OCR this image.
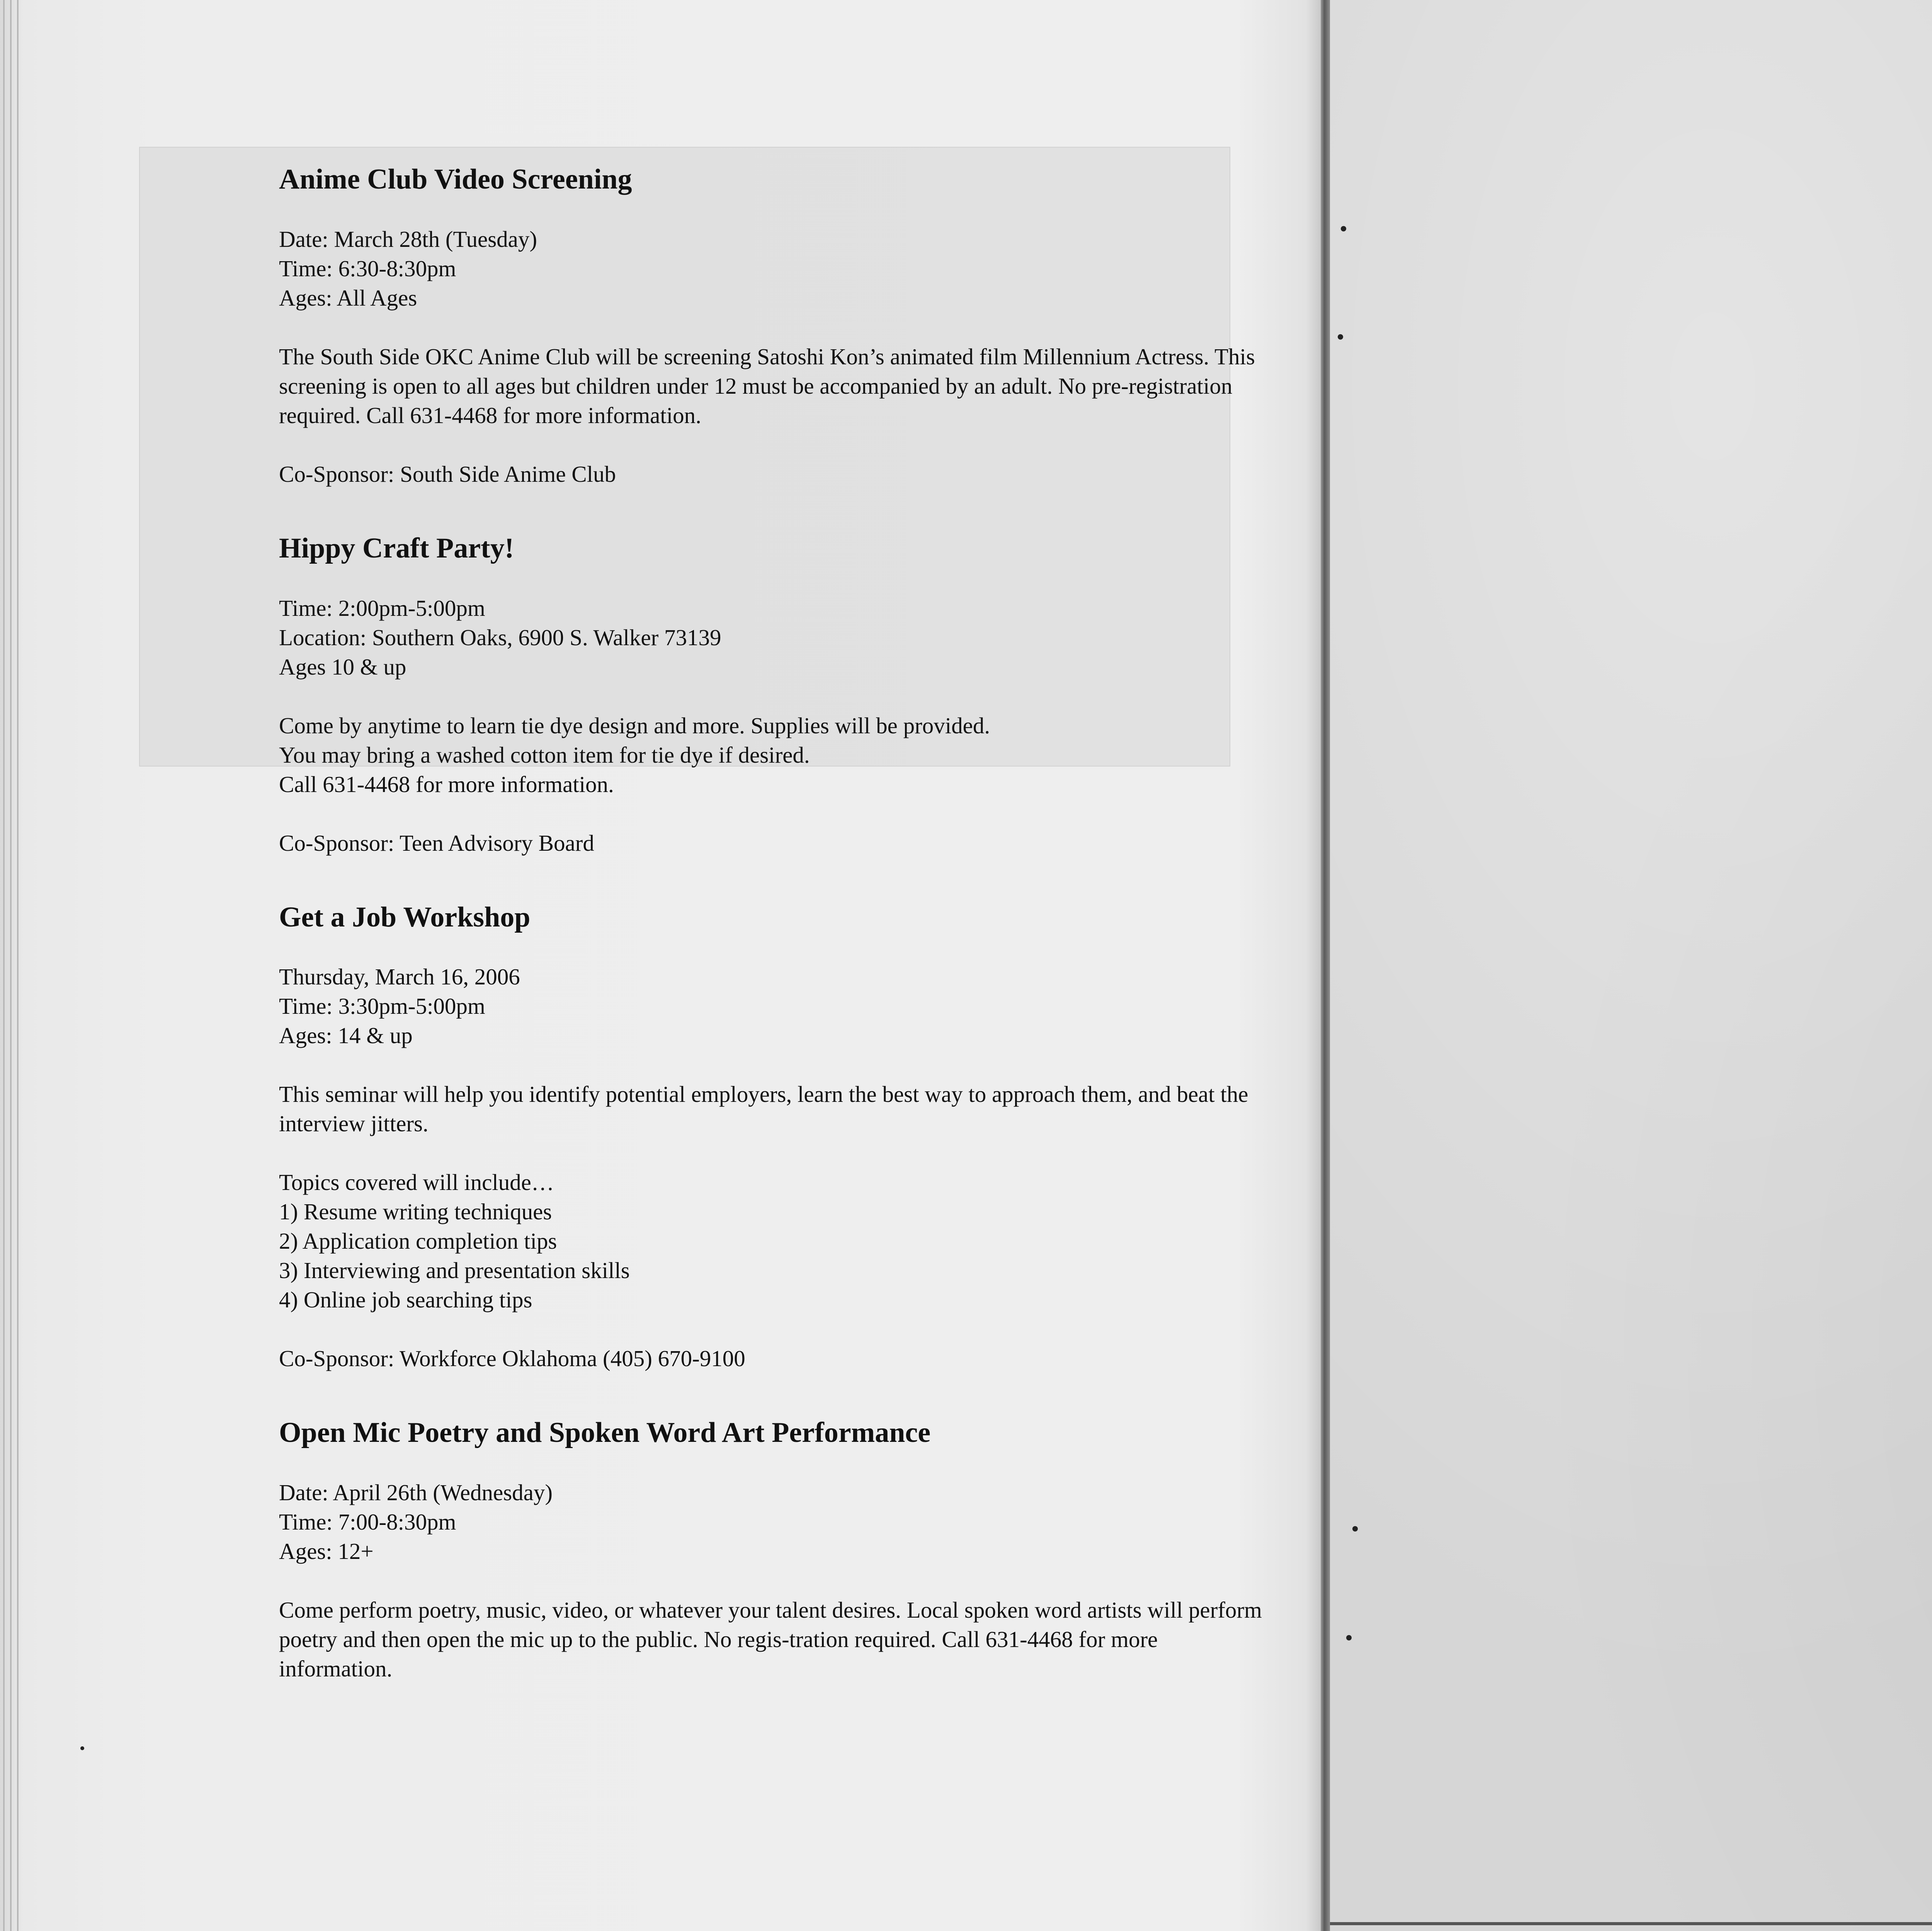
Anime Club Video Screening
Date: March 28th (Tuesday)
Time: 6:30-8:30pm
Ages: All Ages
The South Side OKC Anime Club will be screening Satoshi Kon’s animated film Millennium Actress. This screening is open to all ages but children under 12 must be accompanied by an adult. No pre-registration required. Call 631-4468 for more information.
Co-Sponsor: South Side Anime Club
Hippy Craft Party!
Time: 2:00pm-5:00pm
Location: Southern Oaks, 6900 S. Walker 73139
Ages 10 & up
Come by anytime to learn tie dye design and more. Supplies will be provided.
You may bring a washed cotton item for tie dye if desired.
Call 631-4468 for more information.
Co-Sponsor: Teen Advisory Board
Get a Job Workshop
Thursday, March 16, 2006
Time: 3:30pm-5:00pm
Ages: 14 & up
This seminar will help you identify potential employers, learn the best way to approach them, and beat the interview jitters.
Topics covered will include…
1) Resume writing techniques
2) Application completion tips
3) Interviewing and presentation skills
4) Online job searching tips
Co-Sponsor: Workforce Oklahoma (405) 670-9100
Open Mic Poetry and Spoken Word Art Performance
Date: April 26th (Wednesday)
Time: 7:00-8:30pm
Ages: 12+
Come perform poetry, music, video, or whatever your talent desires. Local spoken word artists will perform poetry and then open the mic up to the public. No regis-tration required. Call 631-4468 for more information.
